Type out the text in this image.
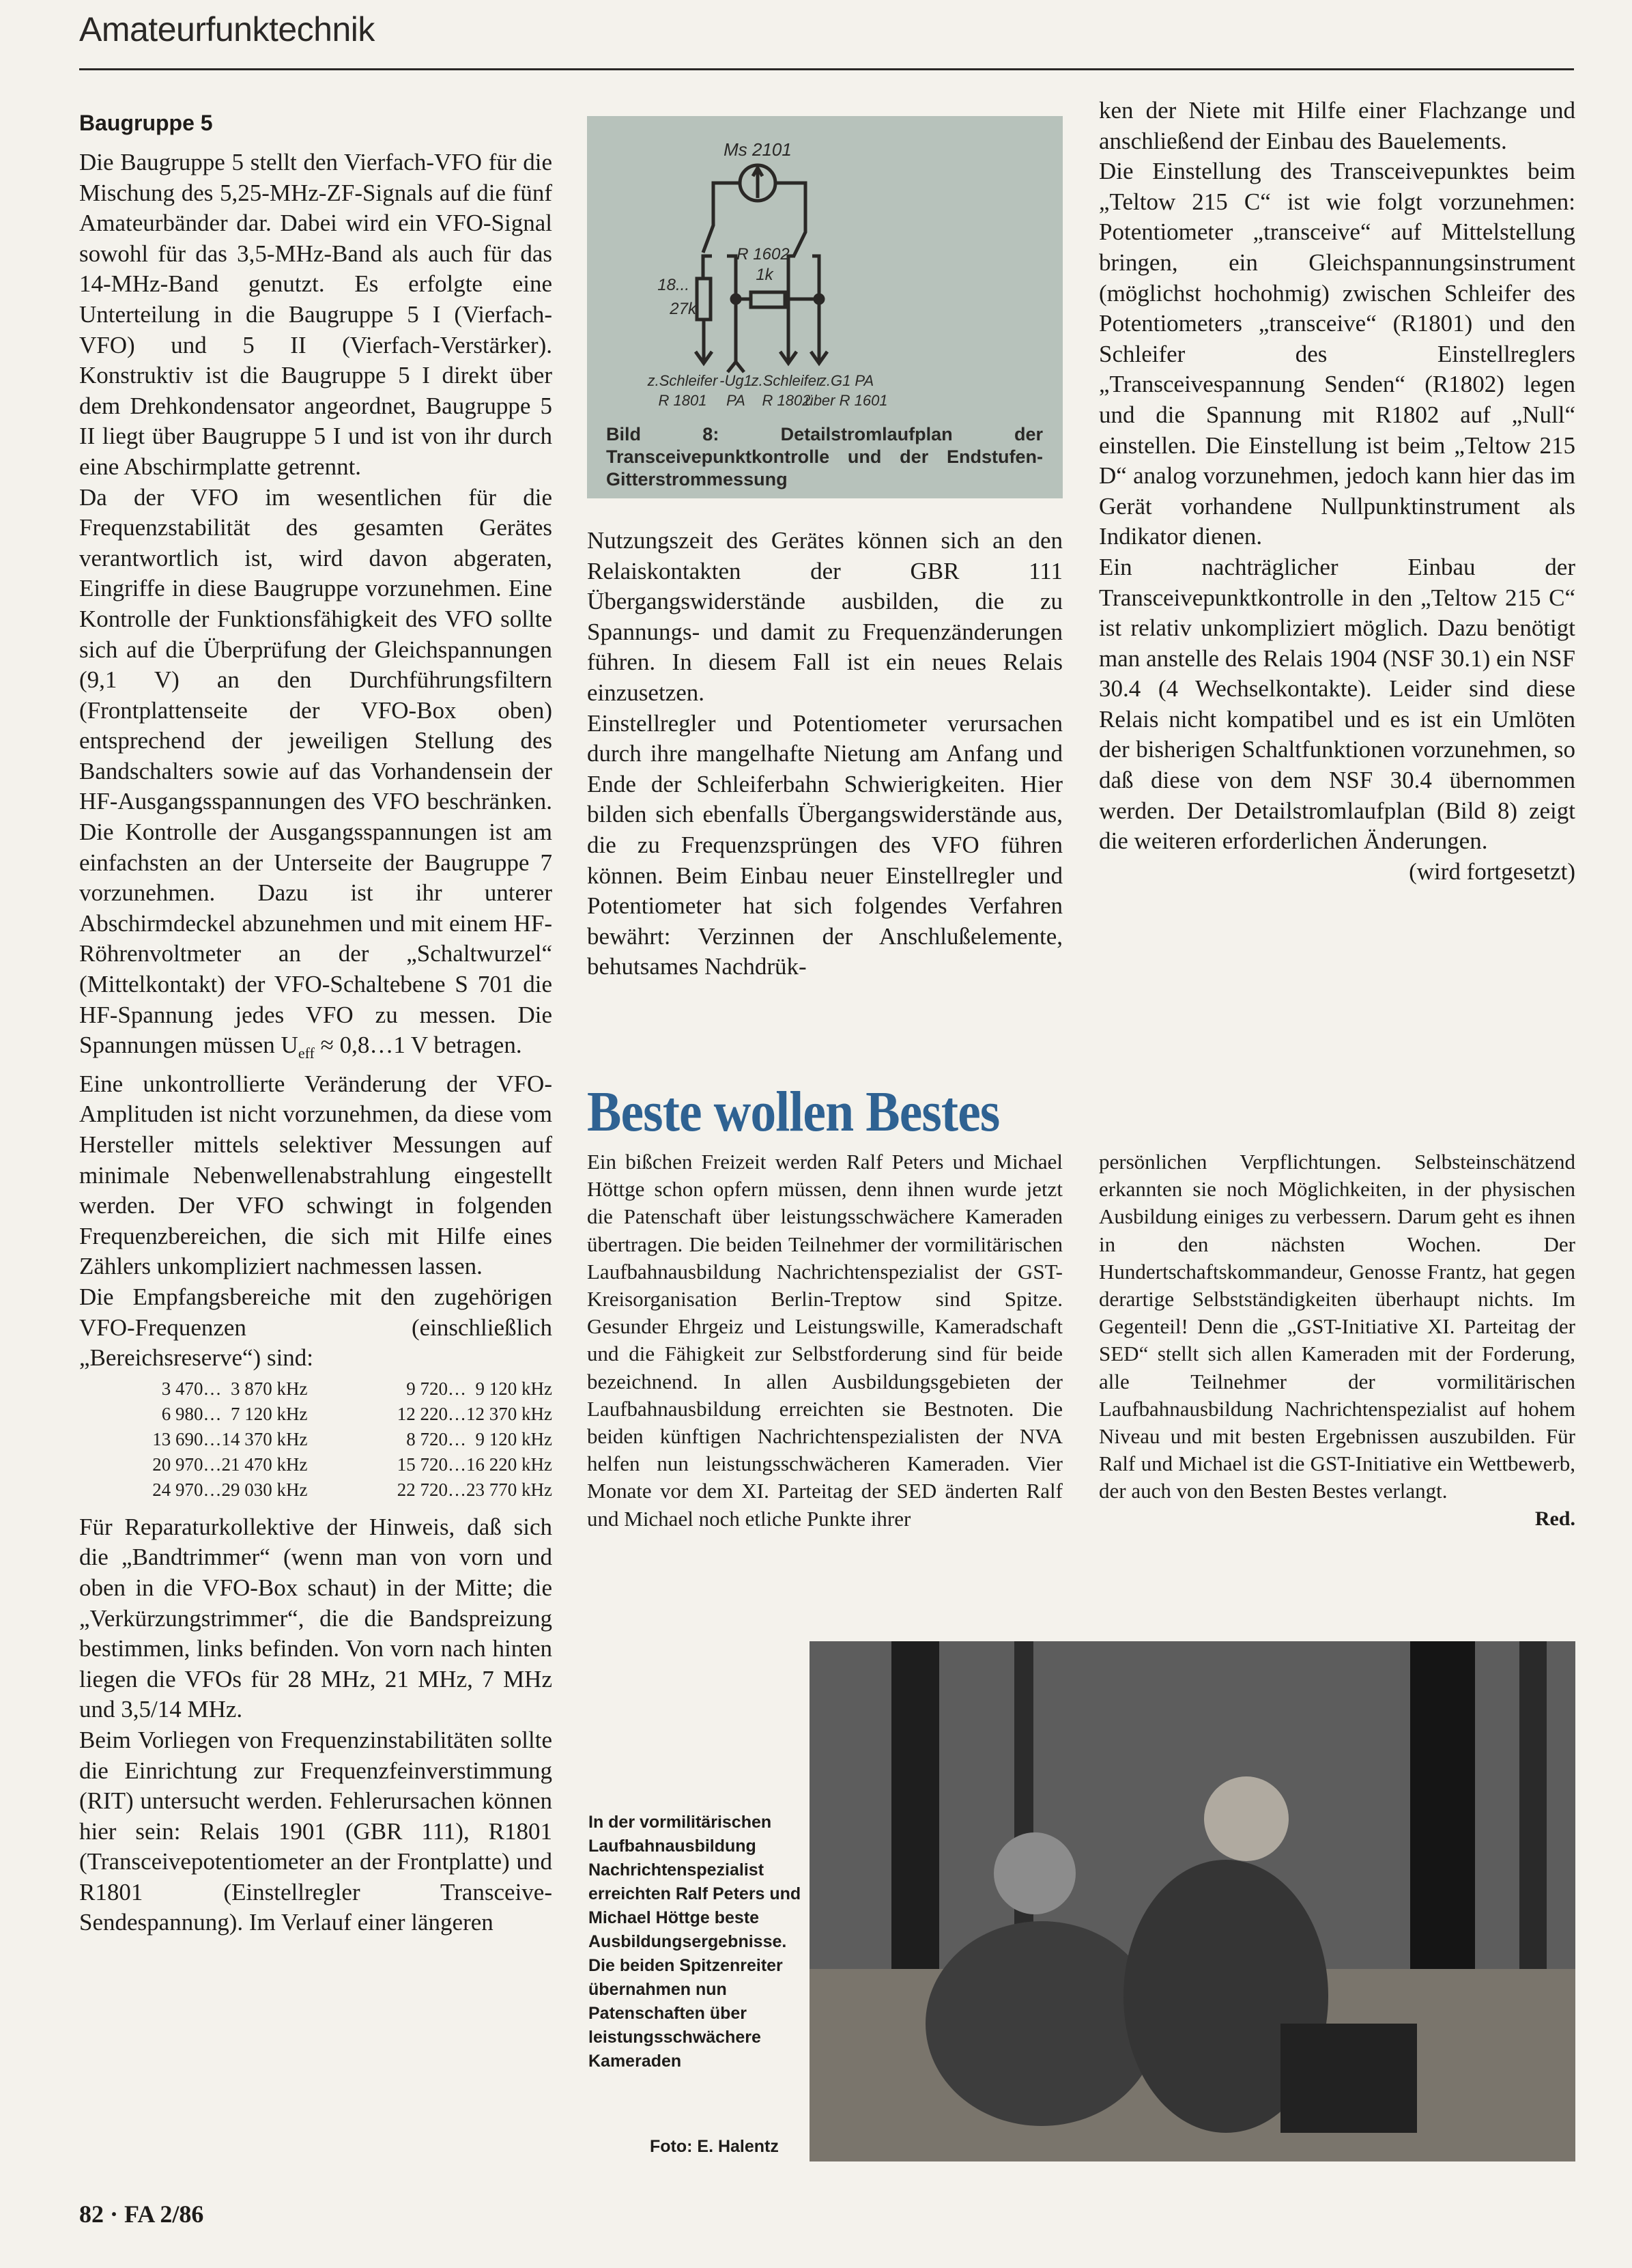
Amateurfunktechnik
Baugruppe 5

Die Baugruppe 5 stellt den Vierfach-VFO für die Mischung des 5,25-MHz-ZF-Signals auf die fünf Amateurbänder dar. Dabei wird ein VFO-Signal sowohl für das 3,5-MHz-Band als auch für das 14-MHz-Band genutzt. Es erfolgte eine Unterteilung in die Baugruppe 5 I (Vierfach-VFO) und 5 II (Vierfach-Verstärker). Konstruktiv ist die Baugruppe 5 I direkt über dem Drehkondensator angeordnet, Baugruppe 5 II liegt über Baugruppe 5 I und ist von ihr durch eine Abschirmplatte getrennt.

Da der VFO im wesentlichen für die Frequenzstabilität des gesamten Gerätes verantwortlich ist, wird davon abgeraten, Eingriffe in diese Baugruppe vorzunehmen. Eine Kontrolle der Funktionsfähigkeit des VFO sollte sich auf die Überprüfung der Gleichspannungen (9,1 V) an den Durchführungsfiltern (Frontplattenseite der VFO-Box oben) entsprechend der jeweiligen Stellung des Bandschalters sowie auf das Vorhandensein der HF-Ausgangsspannungen des VFO beschränken. Die Kontrolle der Ausgangsspannungen ist am einfachsten an der Unterseite der Baugruppe 7 vorzunehmen. Dazu ist ihr unterer Abschirmdeckel abzunehmen und mit einem HF-Röhrenvoltmeter an der „Schaltwurzel“ (Mittelkontakt) der VFO-Schaltebene S 701 die HF-Spannung jedes VFO zu messen. Die Spannungen müssen $U_{eff}$ ≈ 0,8…1 V betragen.

Eine unkontrollierte Veränderung der VFO-Amplituden ist nicht vorzunehmen, da diese vom Hersteller mittels selektiver Messungen auf minimale Nebenwellenabstrahlung eingestellt werden. Der VFO schwingt in folgenden Frequenzbereichen, die sich mit Hilfe eines Zählers unkompliziert nachmessen lassen.

Die Empfangsbereiche mit den zugehörigen VFO-Frequenzen (einschließlich „Bereichsreserve“) sind:

3 470…  3 870 kHz	9 720…  9 120 kHz
6 980…  7 120 kHz	12 220…12 370 kHz
13 690…14 370 kHz	8 720…  9 120 kHz
20 970…21 470 kHz	15 720…16 220 kHz
24 970…29 030 kHz	22 720…23 770 kHz

Für Reparaturkollektive der Hinweis, daß sich die „Bandtrimmer“ (wenn man von vorn und oben in die VFO-Box schaut) in der Mitte; die „Verkürzungstrimmer“, die die Bandspreizung bestimmen, links befinden. Von vorn nach hinten liegen die VFOs für 28 MHz, 21 MHz, 7 MHz und 3,5/14 MHz.

Beim Vorliegen von Frequenzinstabilitäten sollte die Einrichtung zur Frequenzfeinverstimmung (RIT) untersucht werden. Fehlerursachen können hier sein: Relais 1901 (GBR 111), R1801 (Transceivepotentiometer an der Frontplatte) und R1801 (Einstellregler Transceive-Sendespannung). Im Verlauf einer längeren

Ms 2101
R 1602
1k
18...
27k
z.Schleifer -Ug1
z.Schleifer
z.G1 PA
R 1801 PA R 1802
über R 1601
Bild 8: Detailstromlaufplan der Transceivepunktkontrolle und der Endstufen-Gitterstrommessung

Nutzungszeit des Gerätes können sich an den Relaiskontakten der GBR 111 Übergangswiderstände ausbilden, die zu Spannungs- und damit zu Frequenzänderungen führen. In diesem Fall ist ein neues Relais einzusetzen.

Einstellregler und Potentiometer verursachen durch ihre mangelhafte Nietung am Anfang und Ende der Schleiferbahn Schwierigkeiten. Hier bilden sich ebenfalls Übergangswiderstände aus, die zu Frequenzsprüngen des VFO führen können. Beim Einbau neuer Einstellregler und Potentiometer hat sich folgendes Verfahren bewährt: Verzinnen der Anschlußelemente, behutsames Nachdrük-

ken der Niete mit Hilfe einer Flachzange und anschließend der Einbau des Bauelements.

Die Einstellung des Transceivepunktes beim „Teltow 215 C“ ist wie folgt vorzunehmen: Potentiometer „transceive“ auf Mittelstellung bringen, ein Gleichspannungsinstrument (möglichst hochohmig) zwischen Schleifer des Potentiometers „transceive“ (R1801) und den Schleifer des Einstellreglers „Transceivespannung Senden“ (R1802) legen und die Spannung mit R1802 auf „Null“ einstellen. Die Einstellung ist beim „Teltow 215 D“ analog vorzunehmen, jedoch kann hier das im Gerät vorhandene Nullpunktinstrument als Indikator dienen.

Ein nachträglicher Einbau der Transceivepunktkontrolle in den „Teltow 215 C“ ist relativ unkompliziert möglich. Dazu benötigt man anstelle des Relais 1904 (NSF 30.1) ein NSF 30.4 (4 Wechselkontakte). Leider sind diese Relais nicht kompatibel und es ist ein Umlöten der bisherigen Schaltfunktionen vorzunehmen, so daß diese von dem NSF 30.4 übernommen werden. Der Detailstromlaufplan (Bild 8) zeigt die weiteren erforderlichen Änderungen.

(wird fortgesetzt)

Beste wollen Bestes

Ein bißchen Freizeit werden Ralf Peters und Michael Höttge schon opfern müssen, denn ihnen wurde jetzt die Patenschaft über leistungsschwächere Kameraden übertragen. Die beiden Teilnehmer der vormilitärischen Laufbahnausbildung Nachrichtenspezialist der GST-Kreisorganisation Berlin-Treptow sind Spitze. Gesunder Ehrgeiz und Leistungswille, Kameradschaft und die Fähigkeit zur Selbstforderung sind für beide bezeichnend. In allen Ausbildungsgebieten der Laufbahnausbildung erreichten sie Bestnoten. Die beiden künftigen Nachrichtenspezialisten der NVA helfen nun leistungsschwächeren Kameraden. Vier Monate vor dem XI. Parteitag der SED änderten Ralf und Michael noch etliche Punkte ihrer

persönlichen Verpflichtungen. Selbsteinschätzend erkannten sie noch Möglichkeiten, in der physischen Ausbildung einiges zu verbessern. Darum geht es ihnen in den nächsten Wochen. Der Hundertschaftskommandeur, Genosse Frantz, hat gegen derartige Selbstständigkeiten überhaupt nichts. Im Gegenteil! Denn die „GST-Initiative XI. Parteitag der SED“ stellt sich allen Kameraden mit der Forderung, alle Teilnehmer der vormilitärischen Laufbahnausbildung Nachrichtenspezialist auf hohem Niveau und mit besten Ergebnissen auszubilden. Für Ralf und Michael ist die GST-Initiative ein Wettbewerb, der auch von den Besten Bestes verlangt.

Red.

In der vormilitärischen Laufbahnausbildung Nachrichtenspezialist erreichten Ralf Peters und Michael Höttge beste Ausbildungsergebnisse. Die beiden Spitzenreiter übernahmen nun Patenschaften über leistungsschwächere Kameraden
Foto: E. Halentz
82 · FA 2/86
